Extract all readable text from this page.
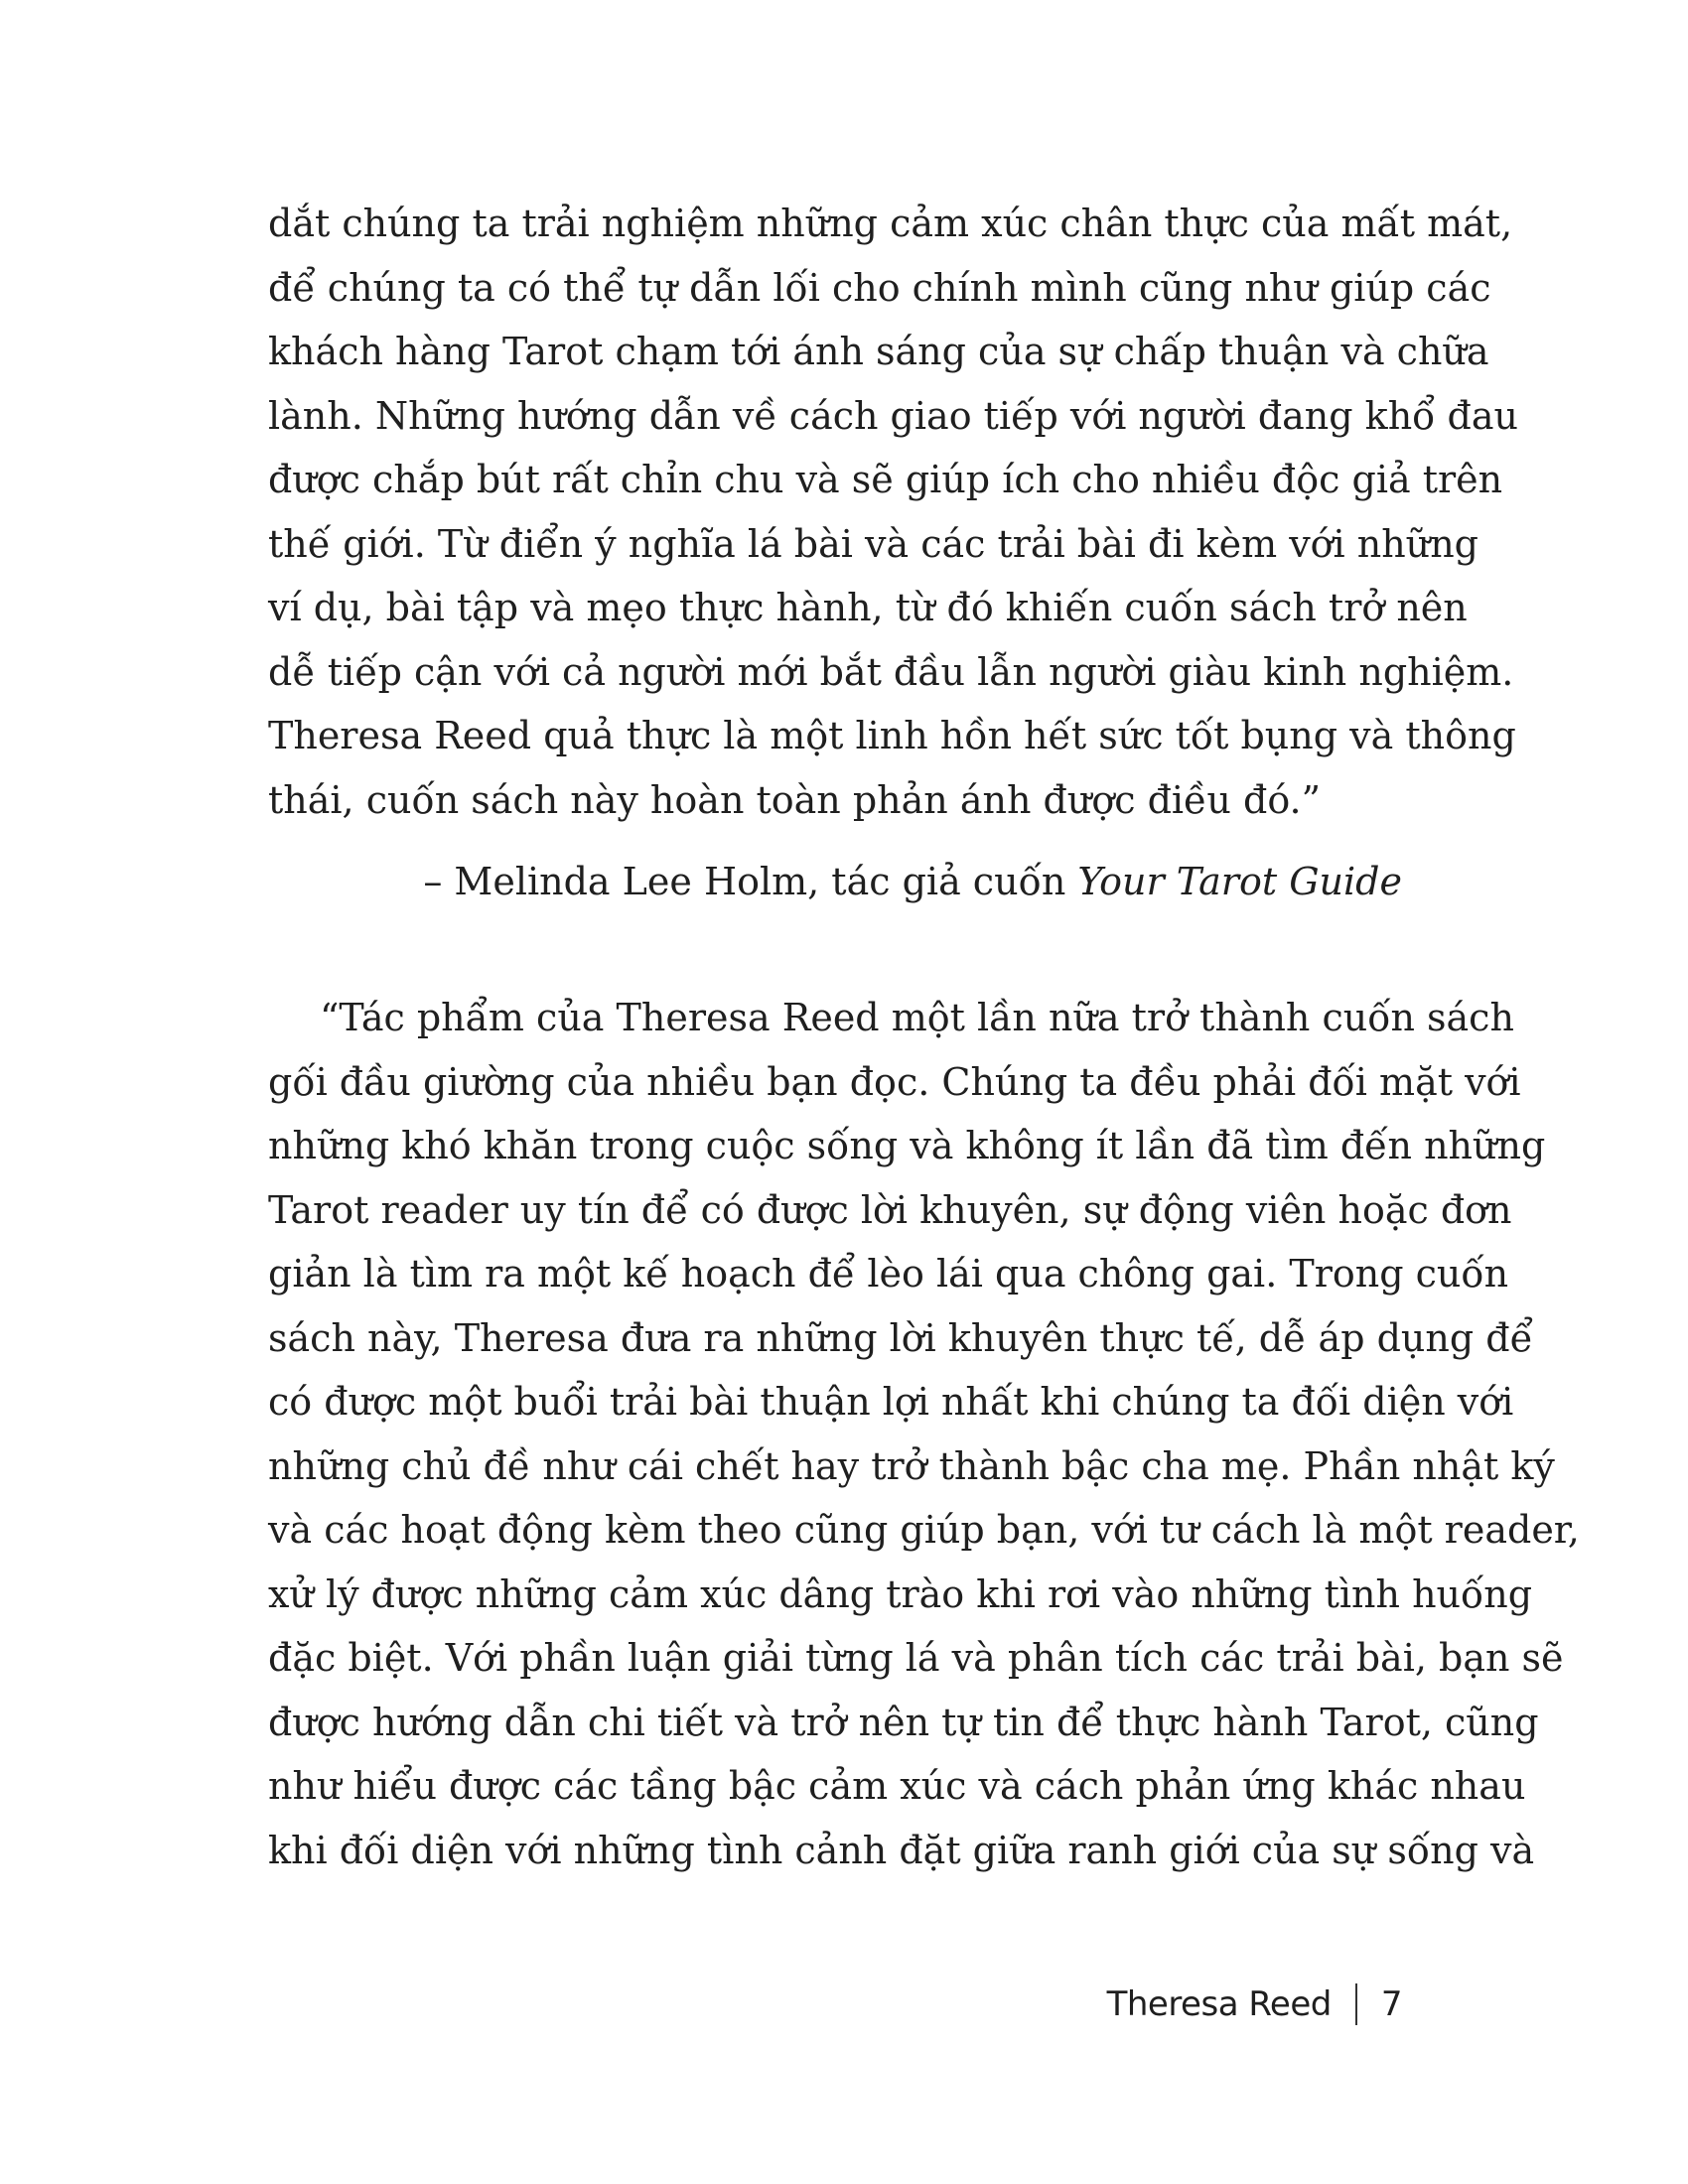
dắt chúng ta trải nghiệm những cảm xúc chân thực của mất mát,
để chúng ta có thể tự dẫn lối cho chính mình cũng như giúp các
khách hàng Tarot chạm tới ánh sáng của sự chấp thuận và chữa
lành. Những hướng dẫn về cách giao tiếp với người đang khổ đau
được chắp bút rất chỉn chu và sẽ giúp ích cho nhiều độc giả trên
thế giới. Từ điển ý nghĩa lá bài và các trải bài đi kèm với những
ví dụ, bài tập và mẹo thực hành, từ đó khiến cuốn sách trở nên
dễ tiếp cận với cả người mới bắt đầu lẫn người giàu kinh nghiệm.
Theresa Reed quả thực là một linh hồn hết sức tốt bụng và thông
thái, cuốn sách này hoàn toàn phản ánh được điều đó.”
– Melinda Lee Holm, tác giả cuốn Your Tarot Guide
“Tác phẩm của Theresa Reed một lần nữa trở thành cuốn sách
gối đầu giường của nhiều bạn đọc. Chúng ta đều phải đối mặt với
những khó khăn trong cuộc sống và không ít lần đã tìm đến những
Tarot reader uy tín để có được lời khuyên, sự động viên hoặc đơn
giản là tìm ra một kế hoạch để lèo lái qua chông gai. Trong cuốn
sách này, Theresa đưa ra những lời khuyên thực tế, dễ áp dụng để
có được một buổi trải bài thuận lợi nhất khi chúng ta đối diện với
những chủ đề như cái chết hay trở thành bậc cha mẹ. Phần nhật ký
và các hoạt động kèm theo cũng giúp bạn, với tư cách là một reader,
xử lý được những cảm xúc dâng trào khi rơi vào những tình huống
đặc biệt. Với phần luận giải từng lá và phân tích các trải bài, bạn sẽ
được hướng dẫn chi tiết và trở nên tự tin để thực hành Tarot, cũng
như hiểu được các tầng bậc cảm xúc và cách phản ứng khác nhau
khi đối diện với những tình cảnh đặt giữa ranh giới của sự sống và
Theresa Reed 7
